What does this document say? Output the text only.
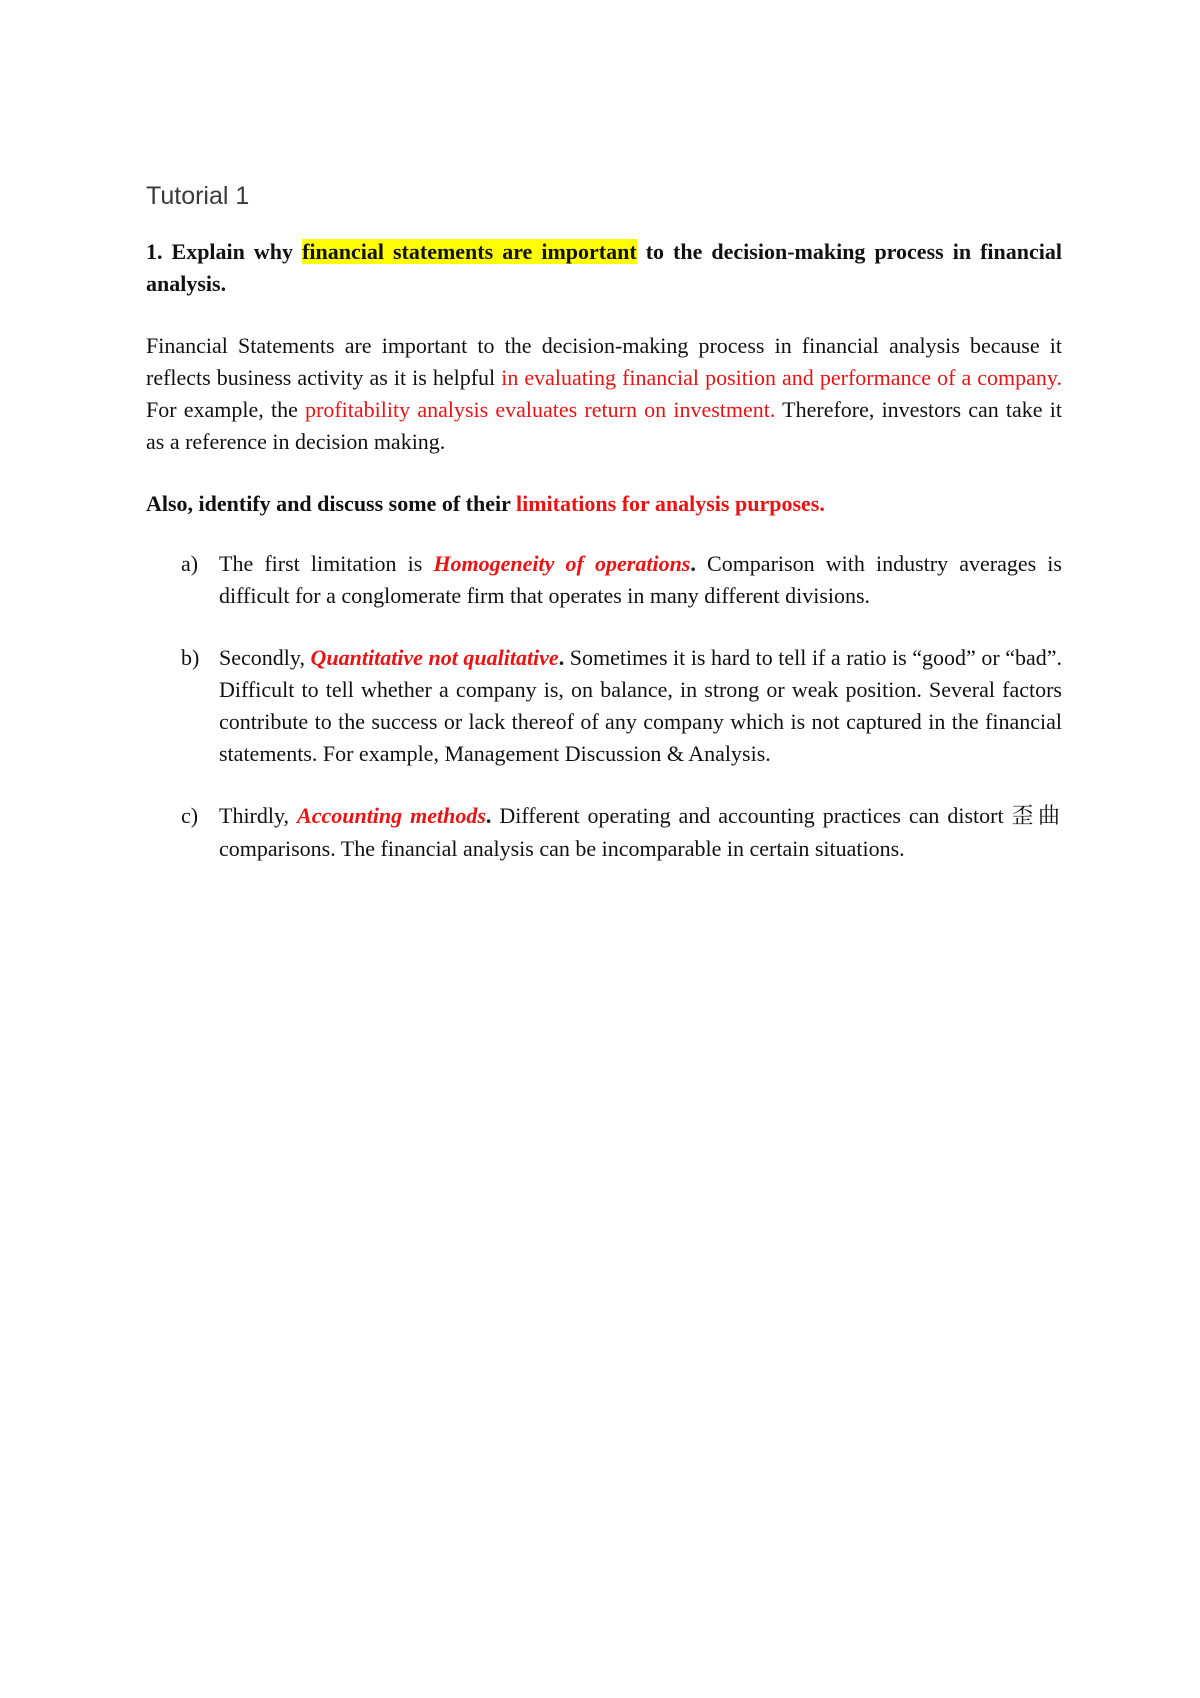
Tutorial 1

1. Explain why financial statements are important to the decision-making process in financial analysis.

Financial Statements are important to the decision-making process in financial analysis because it reflects business activity as it is helpful in evaluating financial position and performance of a company. For example, the profitability analysis evaluates return on investment. Therefore, investors can take it as a reference in decision making.

Also, identify and discuss some of their limitations for analysis purposes.

a) The first limitation is Homogeneity of operations. Comparison with industry averages is difficult for a conglomerate firm that operates in many different divisions.
b) Secondly, Quantitative not qualitative. Sometimes it is hard to tell if a ratio is “good” or “bad”. Difficult to tell whether a company is, on balance, in strong or weak position. Several factors contribute to the success or lack thereof of any company which is not captured in the financial statements. For example, Management Discussion & Analysis.
c) Thirdly, Accounting methods. Different operating and accounting practices can distort 歪曲 comparisons. The financial analysis can be incomparable in certain situations.
